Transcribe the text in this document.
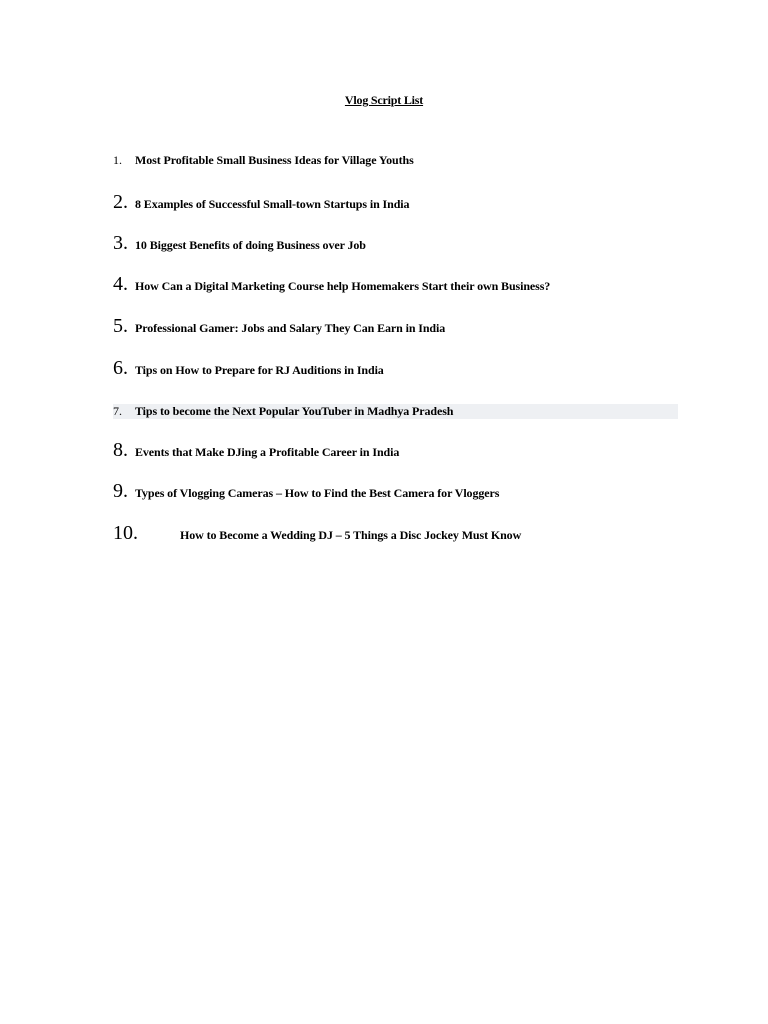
Vlog Script List
1.	Most Profitable Small Business Ideas for Village Youths
2. 8 Examples of Successful Small-town Startups in India
3. 10 Biggest Benefits of doing Business over Job
4. How Can a Digital Marketing Course help Homemakers Start their own Business?
5. Professional Gamer: Jobs and Salary They Can Earn in India
6. Tips on How to Prepare for RJ Auditions in India
7.	Tips to become the Next Popular YouTuber in Madhya Pradesh
8. Events that Make DJing a Profitable Career in India
9. Types of Vlogging Cameras – How to Find the Best Camera for Vloggers
10.	How to Become a Wedding DJ – 5 Things a Disc Jockey Must Know
